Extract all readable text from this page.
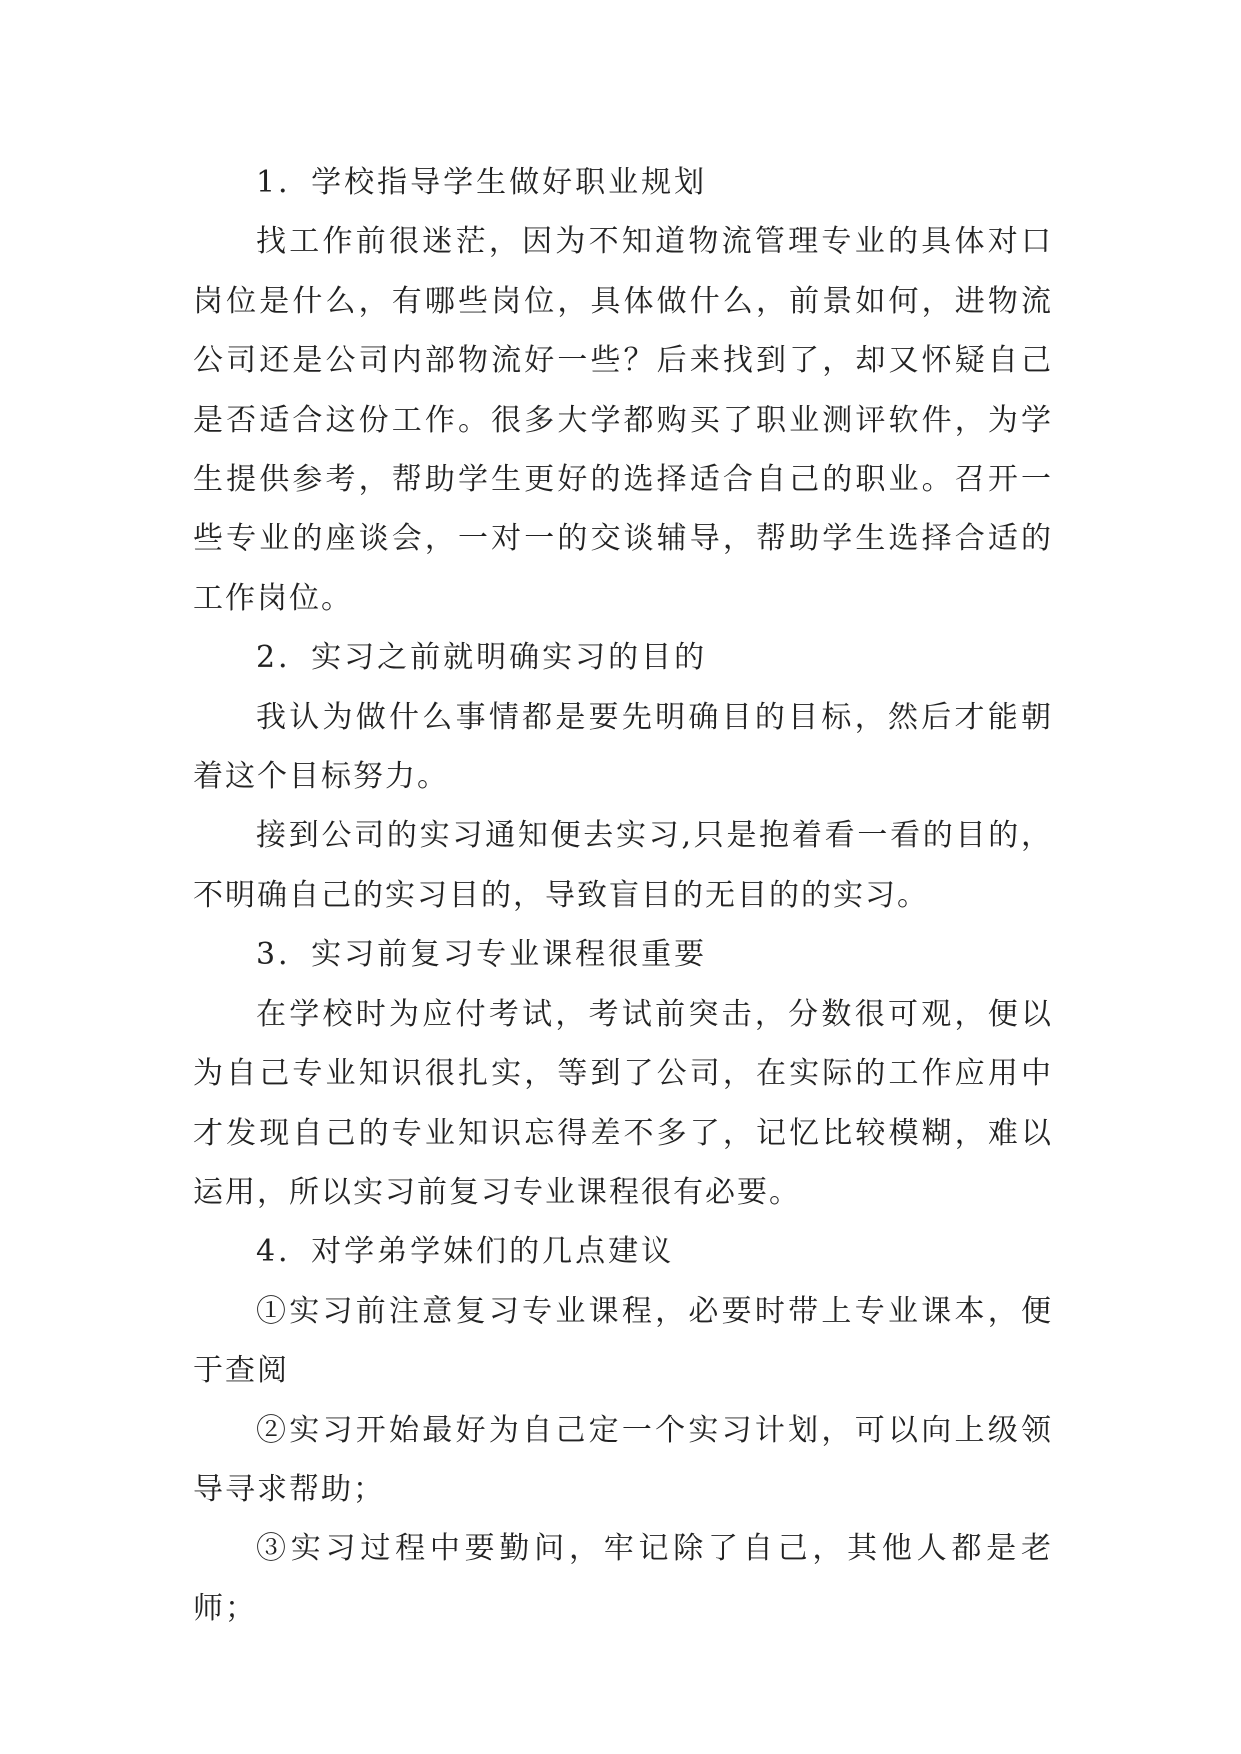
1．学校指导学生做好职业规划

找工作前很迷茫，因为不知道物流管理专业的具体对口岗位是什么，有哪些岗位，具体做什么，前景如何，进物流公司还是公司内部物流好一些？后来找到了，却又怀疑自己是否适合这份工作。很多大学都购买了职业测评软件，为学生提供参考，帮助学生更好的选择适合自己的职业。召开一些专业的座谈会，一对一的交谈辅导，帮助学生选择合适的工作岗位。

2．实习之前就明确实习的目的

我认为做什么事情都是要先明确目的目标，然后才能朝着这个目标努力。

接到公司的实习通知便去实习,只是抱着看一看的目的，不明确自己的实习目的，导致盲目的无目的的实习。

3．实习前复习专业课程很重要

在学校时为应付考试，考试前突击，分数很可观，便以为自己专业知识很扎实，等到了公司，在实际的工作应用中才发现自己的专业知识忘得差不多了，记忆比较模糊，难以运用，所以实习前复习专业课程很有必要。

4．对学弟学妹们的几点建议

①实习前注意复习专业课程，必要时带上专业课本，便于查阅

②实习开始最好为自己定一个实习计划，可以向上级领导寻求帮助；

③实习过程中要勤问，牢记除了自己，其他人都是老师；
